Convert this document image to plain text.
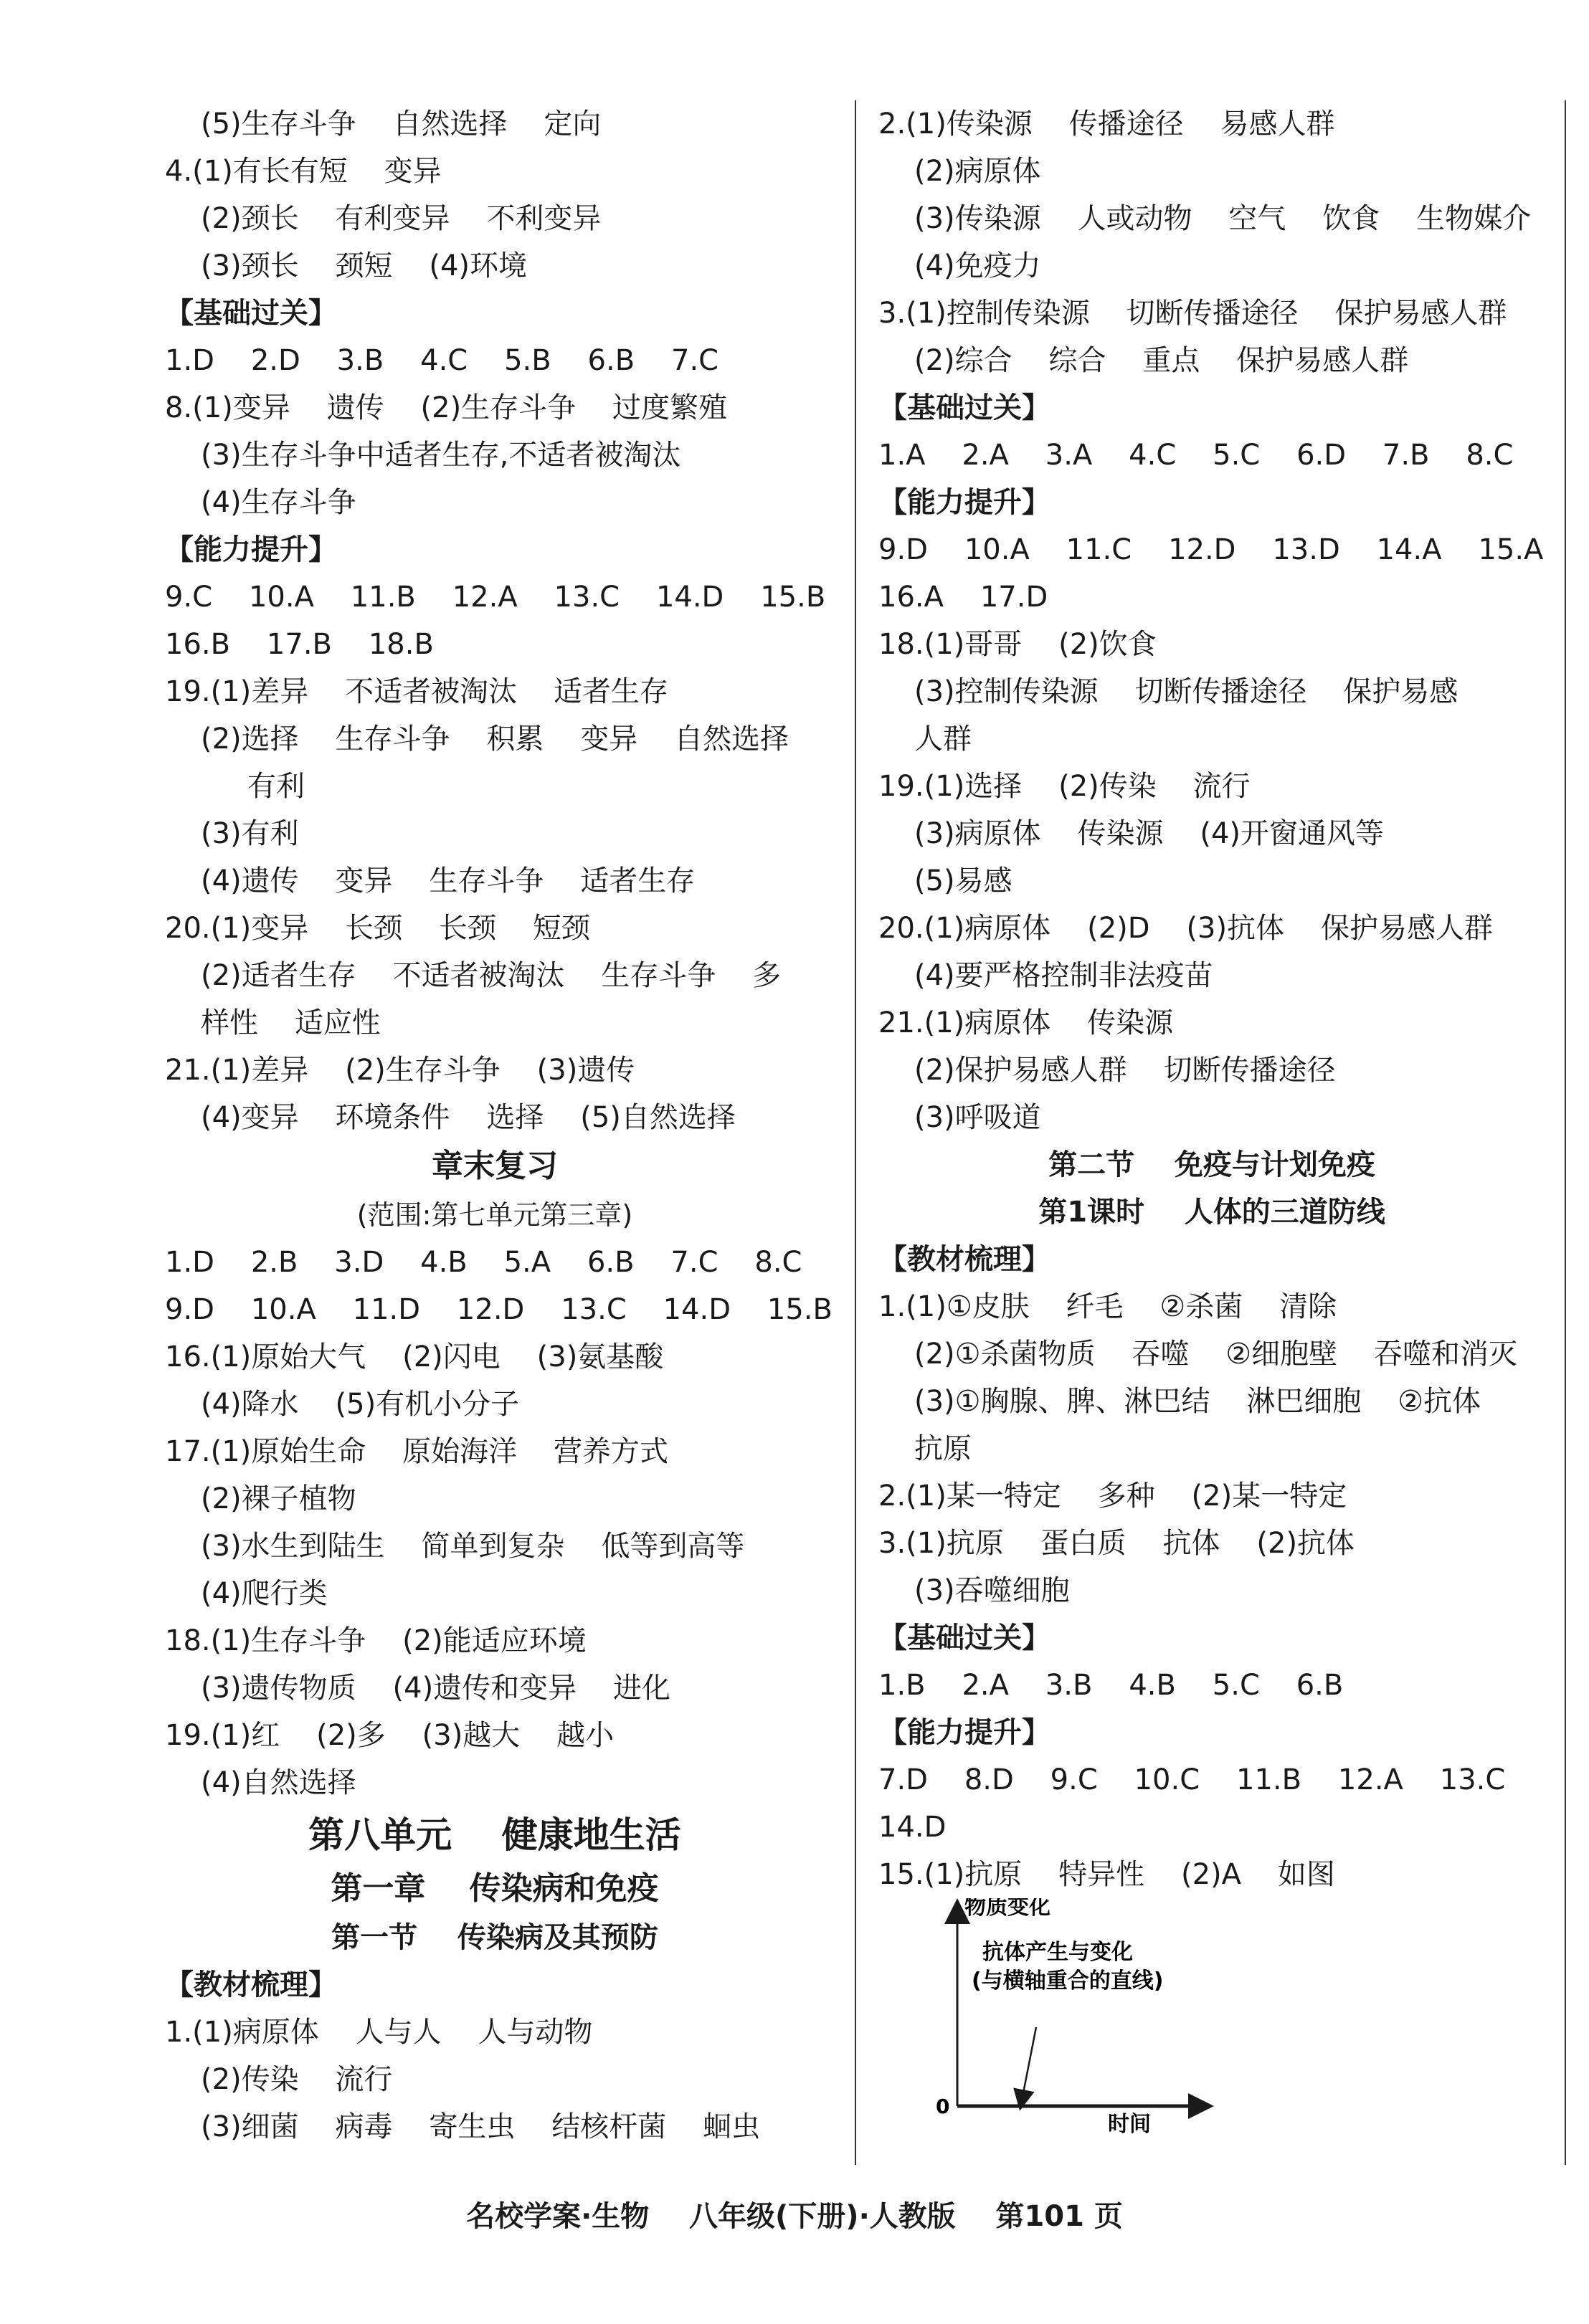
(5)生存斗争    自然选择    定向
4.(1)有长有短    变异
(2)颈长    有利变异    不利变异
(3)颈长    颈短    (4)环境
【基础过关】
1.D    2.D    3.B    4.C    5.B    6.B    7.C
8.(1)变异    遗传    (2)生存斗争    过度繁殖
(3)生存斗争中适者生存,不适者被淘汰
(4)生存斗争
【能力提升】
9.C    10.A    11.B    12.A    13.C    14.D    15.B
16.B    17.B    18.B
19.(1)差异    不适者被淘汰    适者生存
(2)选择    生存斗争    积累    变异    自然选择
有利
(3)有利
(4)遗传    变异    生存斗争    适者生存
20.(1)变异    长颈    长颈    短颈
(2)适者生存    不适者被淘汰    生存斗争    多
样性    适应性
21.(1)差异    (2)生存斗争    (3)遗传
(4)变异    环境条件    选择    (5)自然选择
章末复习
(范围:第七单元第三章)
1.D    2.B    3.D    4.B    5.A    6.B    7.C    8.C
9.D    10.A    11.D    12.D    13.C    14.D    15.B
16.(1)原始大气    (2)闪电    (3)氨基酸
(4)降水    (5)有机小分子
17.(1)原始生命    原始海洋    营养方式
(2)裸子植物
(3)水生到陆生    简单到复杂    低等到高等
(4)爬行类
18.(1)生存斗争    (2)能适应环境
(3)遗传物质    (4)遗传和变异    进化
19.(1)红    (2)多    (3)越大    越小
(4)自然选择
第八单元    健康地生活
第一章    传染病和免疫
第一节    传染病及其预防
【教材梳理】
1.(1)病原体    人与人    人与动物
(2)传染    流行
(3)细菌    病毒    寄生虫    结核杆菌    蛔虫
2.(1)传染源    传播途径    易感人群
(2)病原体
(3)传染源    人或动物    空气    饮食    生物媒介
(4)免疫力
3.(1)控制传染源    切断传播途径    保护易感人群
(2)综合    综合    重点    保护易感人群
【基础过关】
1.A    2.A    3.A    4.C    5.C    6.D    7.B    8.C
【能力提升】
9.D    10.A    11.C    12.D    13.D    14.A    15.A
16.A    17.D
18.(1)哥哥    (2)饮食
(3)控制传染源    切断传播途径    保护易感
人群
19.(1)选择    (2)传染    流行
(3)病原体    传染源    (4)开窗通风等
(5)易感
20.(1)病原体    (2)D    (3)抗体    保护易感人群
(4)要严格控制非法疫苗
21.(1)病原体    传染源
(2)保护易感人群    切断传播途径
(3)呼吸道
第二节    免疫与计划免疫
第1课时    人体的三道防线
【教材梳理】
1.(1)①皮肤    纤毛    ②杀菌    清除
(2)①杀菌物质    吞噬    ②细胞壁    吞噬和消灭
(3)①胸腺、脾、淋巴结    淋巴细胞    ②抗体
抗原
2.(1)某一特定    多种    (2)某一特定
3.(1)抗原    蛋白质    抗体    (2)抗体
(3)吞噬细胞
【基础过关】
1.B    2.A    3.B    4.B    5.C    6.B
【能力提升】
7.D    8.D    9.C    10.C    11.B    12.A    13.C
14.D
15.(1)抗原    特异性    (2)A    如图
物质变化
0
时间
抗体产生与变化
(与横轴重合的直线)
名校学案·生物    八年级(下册)·人教版    第101 页
